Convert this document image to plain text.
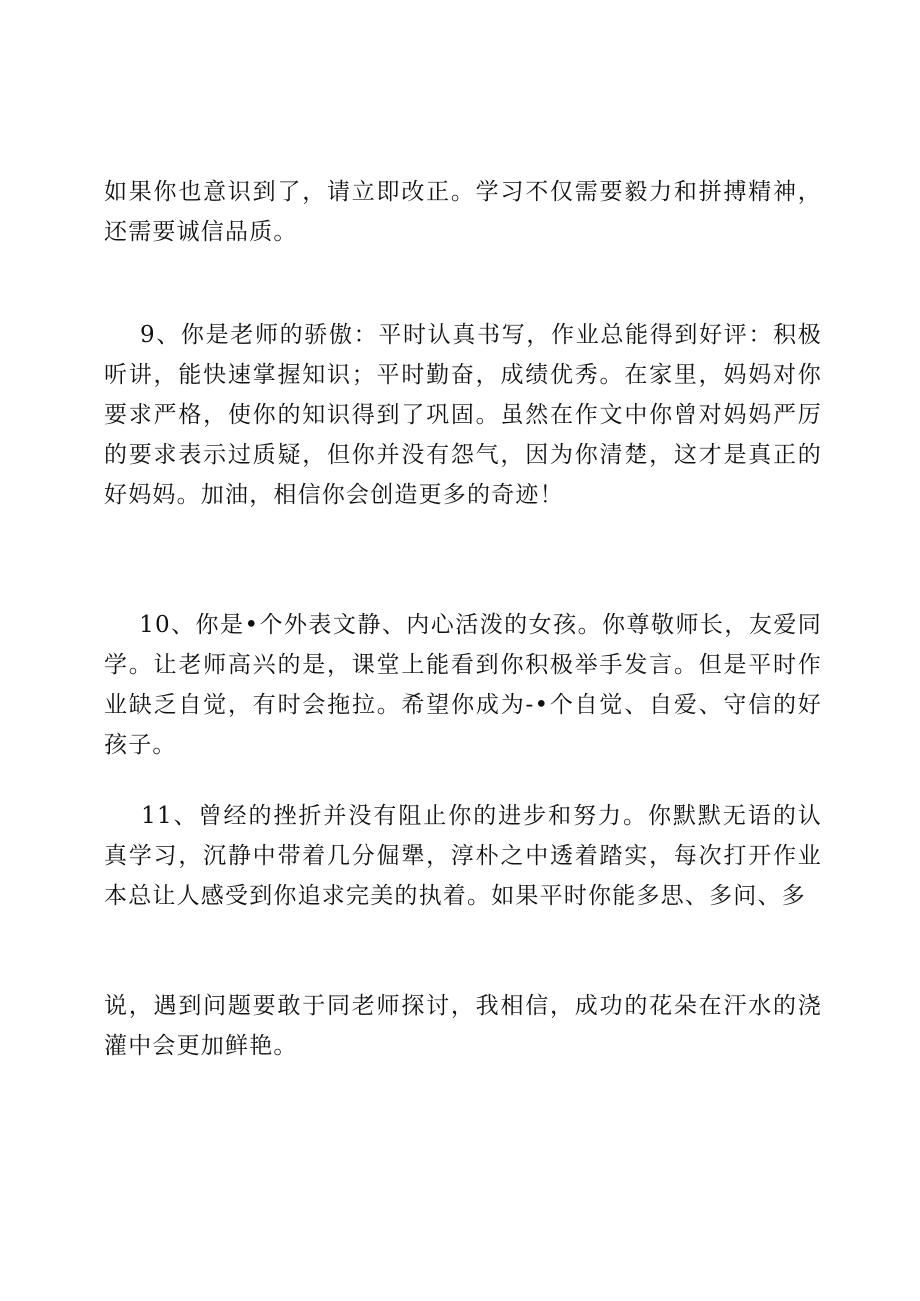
如果你也意识到了，请立即改正。学习不仅需要毅力和拼搏精神，还需要诚信品质。

9、你是老师的骄傲：平时认真书写，作业总能得到好评：积极听讲，能快速掌握知识；平时勤奋，成绩优秀。在家里，妈妈对你要求严格，使你的知识得到了巩固。虽然在作文中你曾对妈妈严厉的要求表示过质疑，但你并没有怨气，因为你清楚，这才是真正的好妈妈。加油，相信你会创造更多的奇迹！

10、你是•个外表文静、内心活泼的女孩。你尊敬师长，友爱同学。让老师高兴的是，课堂上能看到你积极举手发言。但是平时作业缺乏自觉，有时会拖拉。希望你成为-•个自觉、自爱、守信的好孩子。

11、曾经的挫折并没有阻止你的进步和努力。你默默无语的认真学习，沉静中带着几分倔犟，淳朴之中透着踏实，每次打开作业本总让人感受到你追求完美的执着。如果平时你能多思、多问、多

说，遇到问题要敢于同老师探讨，我相信，成功的花朵在汗水的浇灌中会更加鲜艳。
